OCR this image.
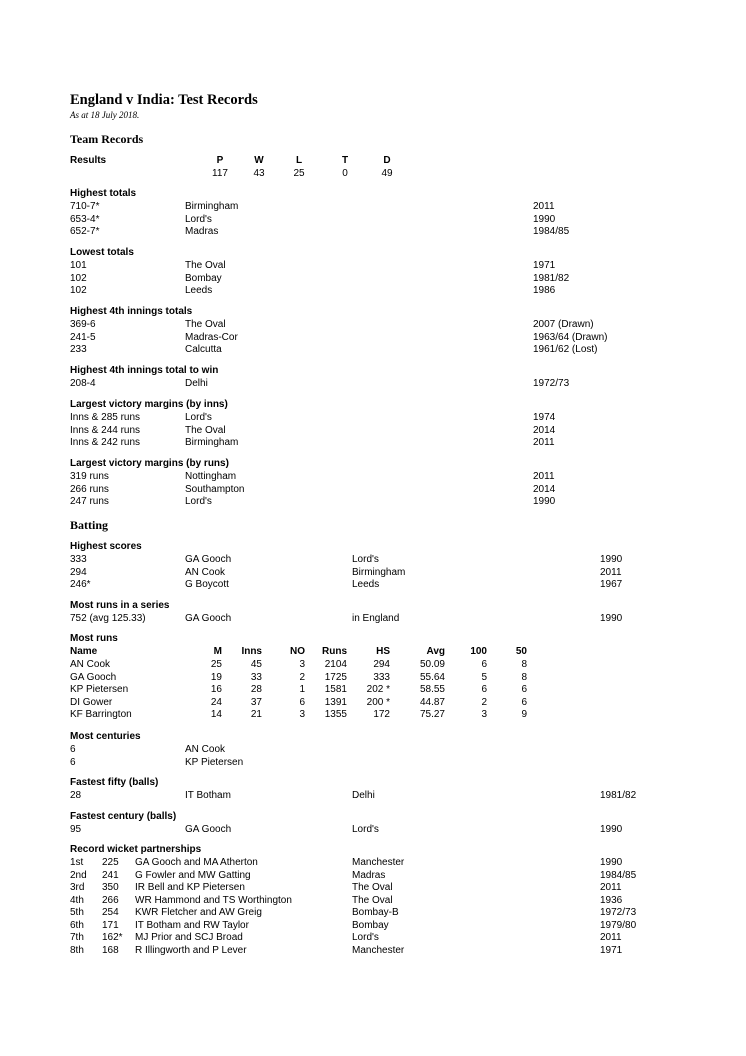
England v India: Test Records
As at 18 July 2018.
Team Records
Results	P	W	L	T	D
117	43	25	0	49
Highest totals
710-7*	Birmingham	2011
653-4*	Lord's	1990
652-7*	Madras	1984/85
Lowest totals
101	The Oval	1971
102	Bombay	1981/82
102	Leeds	1986
Highest 4th innings totals
369-6	The Oval	2007 (Drawn)
241-5	Madras-Cor	1963/64 (Drawn)
233	Calcutta	1961/62 (Lost)
Highest 4th innings total to win
208-4	Delhi	1972/73
Largest victory margins (by inns)
Inns & 285 runs	Lord's	1974
Inns & 244 runs	The Oval	2014
Inns & 242 runs	Birmingham	2011
Largest victory margins (by runs)
319 runs	Nottingham	2011
266 runs	Southampton	2014
247 runs	Lord's	1990
Batting
Highest scores
333	GA Gooch	Lord's	1990
294	AN Cook	Birmingham	2011
246*	G Boycott	Leeds	1967
Most runs in a series
752 (avg 125.33)	GA Gooch	in England	1990
Most runs
Name	M	Inns	NO	Runs	HS	Avg	100	50
AN Cook	25	45	3	2104	294	50.09	6	8
GA Gooch	19	33	2	1725	333	55.64	5	8
KP Pietersen	16	28	1	1581	202 *	58.55	6	6
DI Gower	24	37	6	1391	200 *	44.87	2	6
KF Barrington	14	21	3	1355	172	75.27	3	9
Most centuries
6	AN Cook
6	KP Pietersen
Fastest fifty (balls)
28	IT Botham	Delhi	1981/82
Fastest century (balls)
95	GA Gooch	Lord's	1990
Record wicket partnerships
1st 225 GA Gooch and MA Atherton	Manchester	1990
2nd 241 G Fowler and MW Gatting	Madras	1984/85
3rd 350 IR Bell and KP Pietersen	The Oval	2011
4th 266 WR Hammond and TS Worthington	The Oval	1936
5th 254 KWR Fletcher and AW Greig	Bombay-B	1972/73
6th 171 IT Botham and RW Taylor	Bombay	1979/80
7th 162* MJ Prior and SCJ Broad	Lord's	2011
8th 168 R Illingworth and P Lever	Manchester	1971
